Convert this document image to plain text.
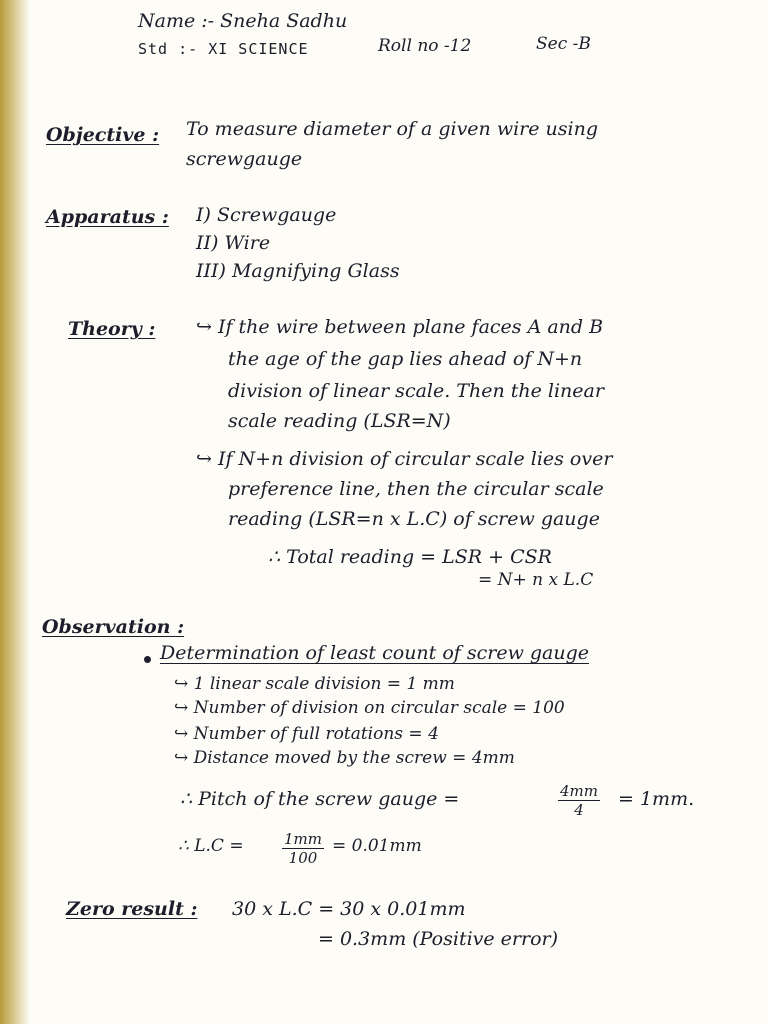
Name :- Sneha Sadhu
Std :- XI SCIENCE	Roll no -12	Sec -B
Objective : To measure diameter of a given wire using
screwgauge
Apparatus : I) Screwgauge
II) Wire
III) Magnifying Glass
Theory : ↪ If the wire between plane faces A and B
the age of the gap lies ahead of N+n
division of linear scale. Then the linear
scale reading (LSR=N)
↪ If N+n division of circular scale lies over
preference line, then the circular scale
reading (LSR=n x L.C) of screw gauge
∴ Total reading = LSR + CSR
= N+ n x L.C
Observation :
Determination of least count of screw gauge
↪ 1 linear scale division = 1 mm
↪ Number of division on circular scale = 100
↪ Number of full rotations = 4
↪ Distance moved by the screw = 4mm
∴ Pitch of the screw gauge =	$\frac{4mm}{4} = 1mm$.
∴ L.C =	$\frac{1mm}{100} = 0.01mm$
Zero result : 30 x L.C = 30 x 0.01mm
= 0.3mm (Positive error)
